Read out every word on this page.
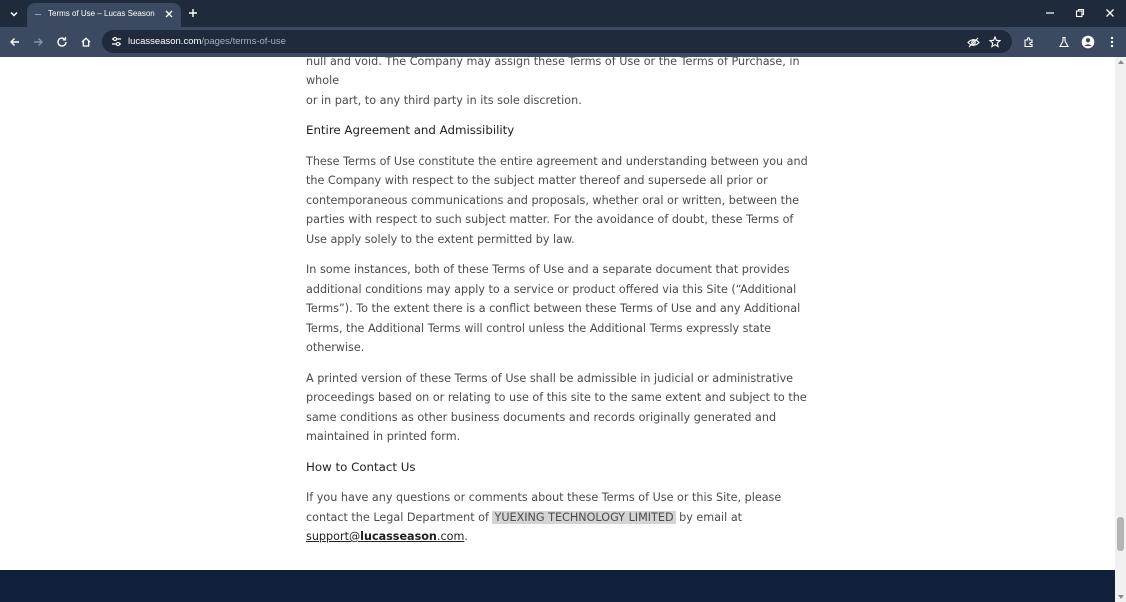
Terms of Use – Lucas Season
lucasseason.com/pages/terms-of-use

null and void. The Company may assign these Terms of Use or the Terms of Purchase, in whole
or in part, to any third party in its sole discretion.

Entire Agreement and Admissibility

These Terms of Use constitute the entire agreement and understanding between you and the Company with respect to the subject matter thereof and supersede all prior or contemporaneous communications and proposals, whether oral or written, between the parties with respect to such subject matter. For the avoidance of doubt, these Terms of Use apply solely to the extent permitted by law.

In some instances, both of these Terms of Use and a separate document that provides additional conditions may apply to a service or product offered via this Site (“Additional Terms”). To the extent there is a conflict between these Terms of Use and any Additional Terms, the Additional Terms will control unless the Additional Terms expressly state otherwise.

A printed version of these Terms of Use shall be admissible in judicial or administrative proceedings based on or relating to use of this site to the same extent and subject to the same conditions as other business documents and records originally generated and maintained in printed form.

How to Contact Us

If you have any questions or comments about these Terms of Use or this Site, please contact the Legal Department of YUEXING TECHNOLOGY LIMITED by email at
support@lucasseason.com.
